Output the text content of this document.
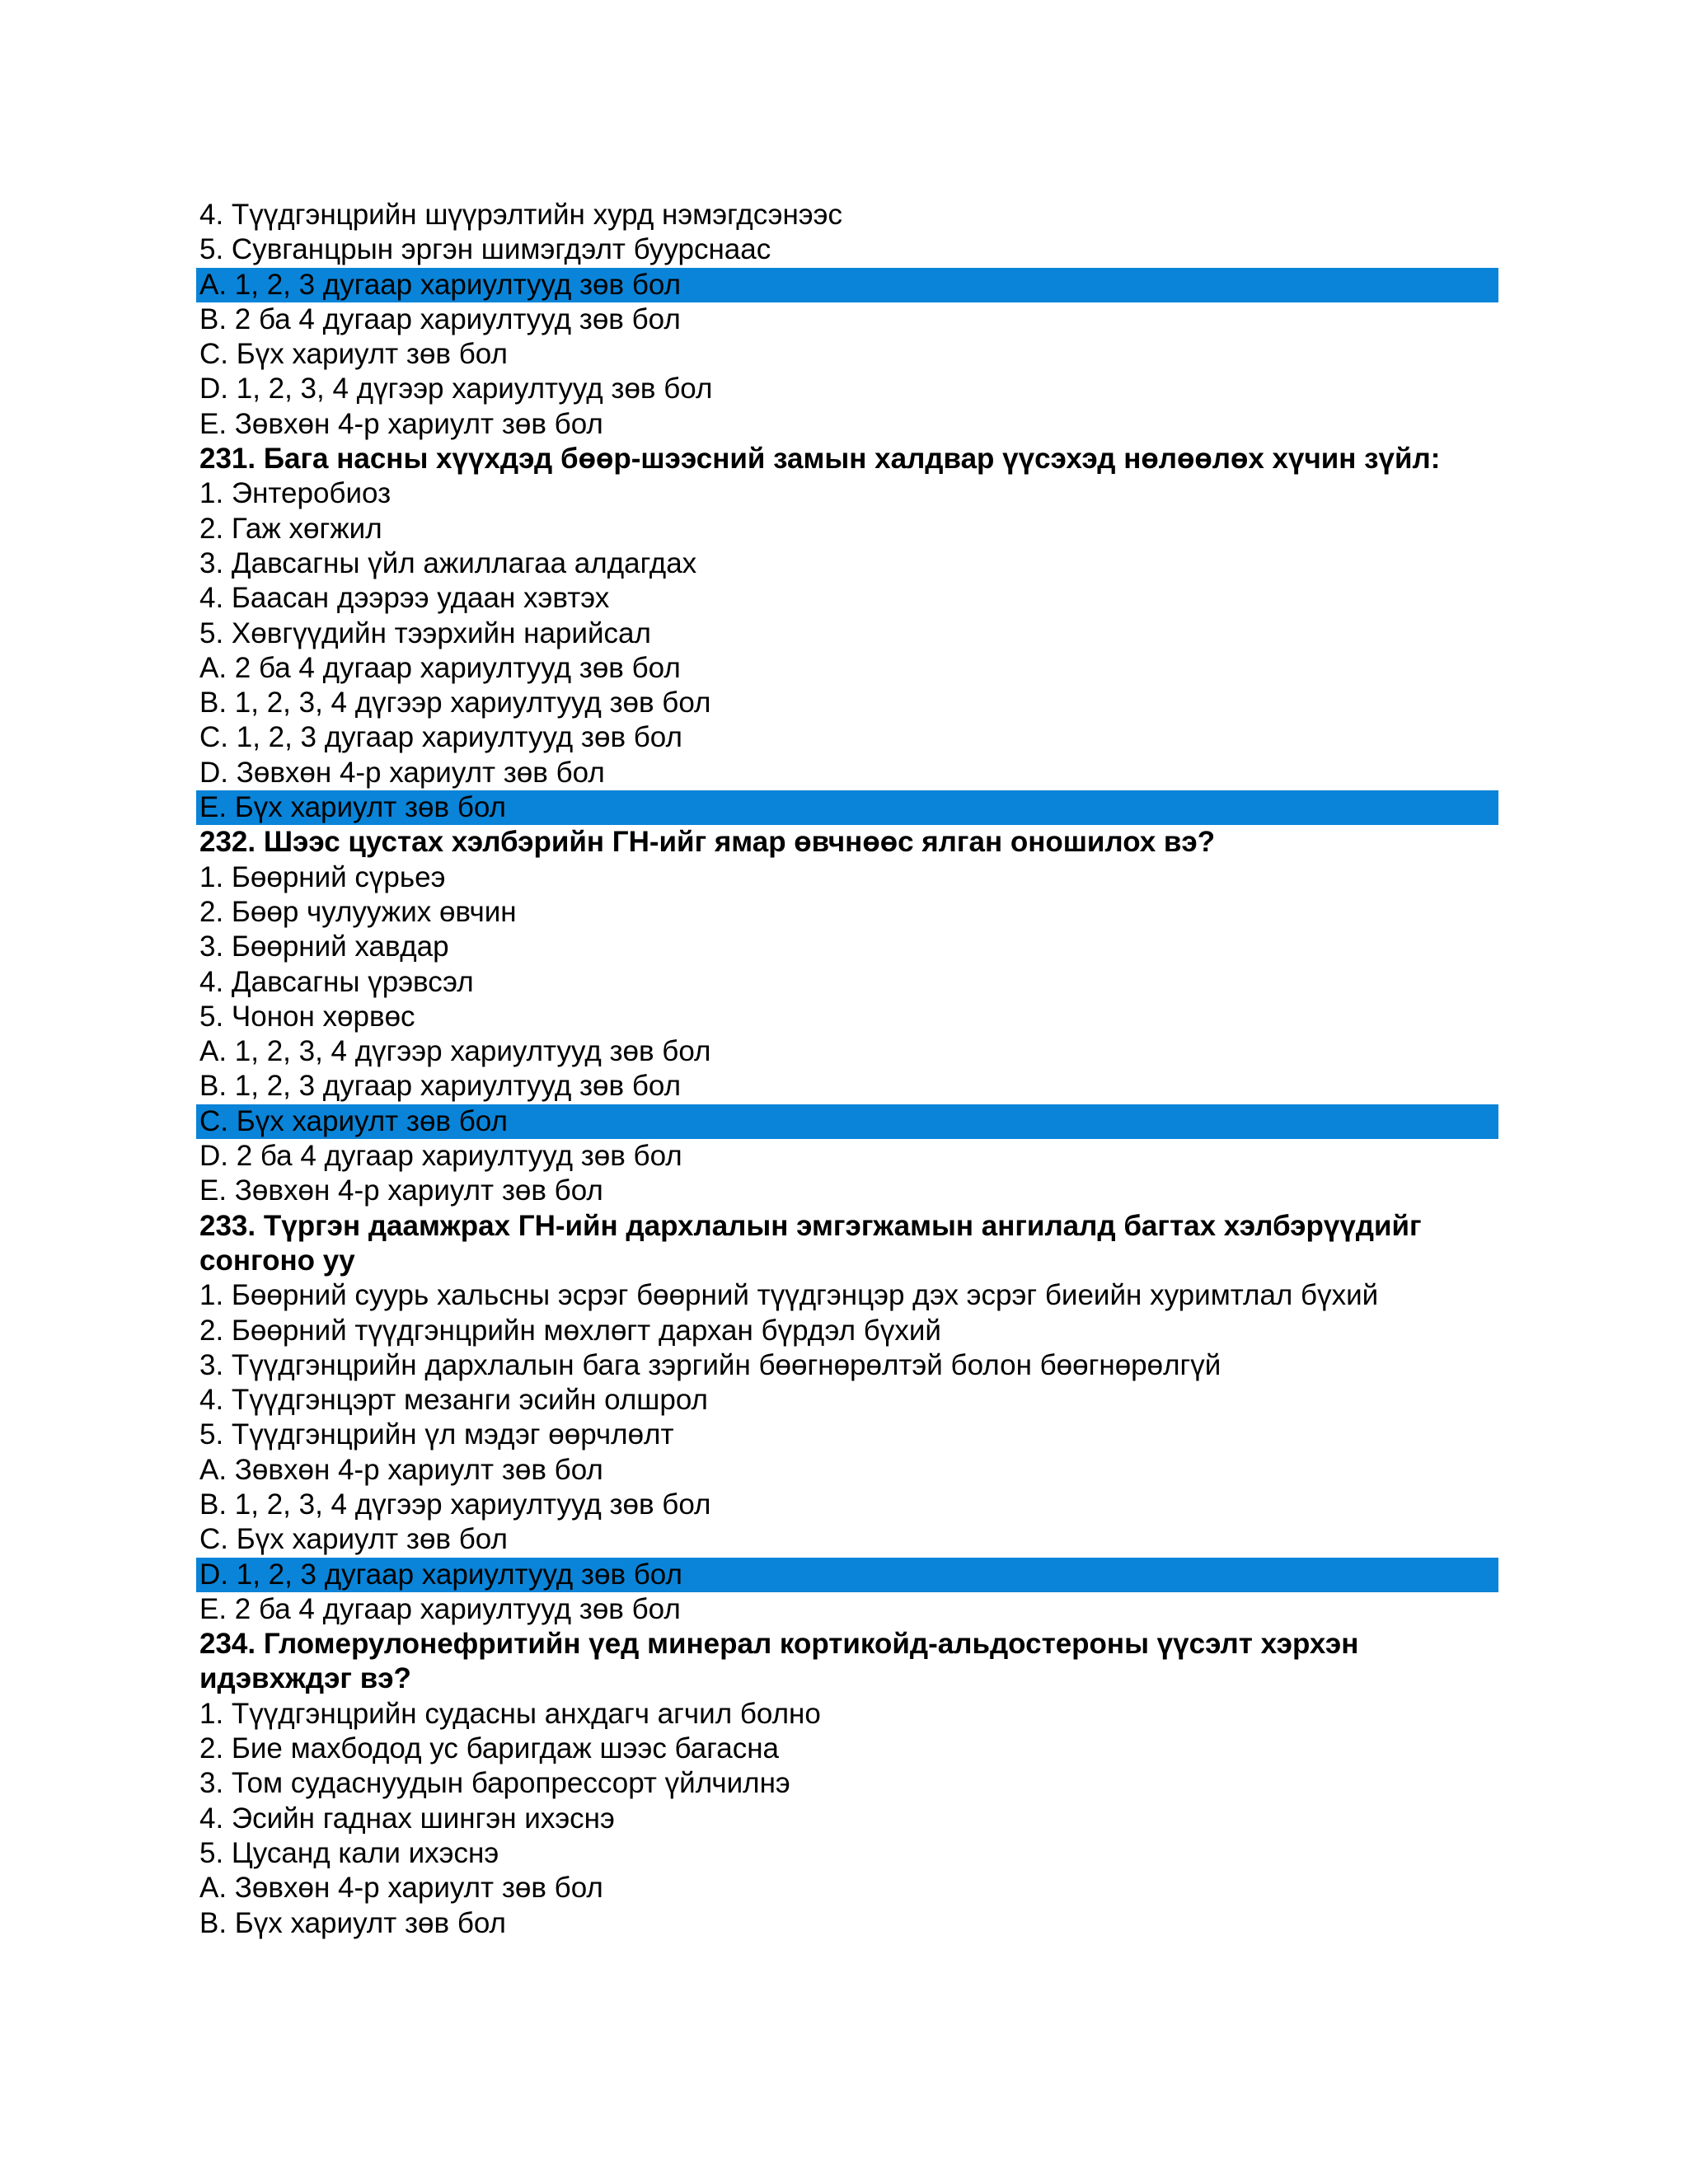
4. Түүдгэнцрийн шүүрэлтийн хурд нэмэгдсэнээс
5. Сувганцрын эргэн шимэгдэлт буурснаас
A. 1, 2, 3 дугаар хариултууд зөв бол
B. 2 ба 4 дугаар хариултууд зөв бол
C. Бүх хариулт зөв бол
D. 1, 2, 3, 4 дүгээр хариултууд зөв бол
E. Зөвхөн 4-р хариулт зөв бол
231. Бага насны хүүхдэд бөөр-шээсний замын халдвар үүсэхэд нөлөөлөх хүчин зүйл:
1. Энтеробиоз
2. Гаж хөгжил
3. Давсагны үйл ажиллагаа алдагдах
4. Баасан дээрээ удаан хэвтэх
5. Хөвгүүдийн тээрхийн нарийсал
A. 2 ба 4 дугаар хариултууд зөв бол
B. 1, 2, 3, 4 дүгээр хариултууд зөв бол
C. 1, 2, 3 дугаар хариултууд зөв бол
D. Зөвхөн 4-р хариулт зөв бол
E. Бүх хариулт зөв бол
232. Шээс цустах хэлбэрийн ГН-ийг ямар өвчнөөс ялган оношилох вэ?
1. Бөөрний сүрьеэ
2. Бөөр чулуужих өвчин
3. Бөөрний хавдар
4. Давсагны үрэвсэл
5. Чонон хөрвөс
A. 1, 2, 3, 4 дүгээр хариултууд зөв бол
B. 1, 2, 3 дугаар хариултууд зөв бол
C. Бүх хариулт зөв бол
D. 2 ба 4 дугаар хариултууд зөв бол
E. Зөвхөн 4-р хариулт зөв бол
233. Түргэн даамжрах ГН-ийн дархлалын эмгэгжамын ангилалд багтах хэлбэрүүдийг сонгоно уу
1. Бөөрний суурь хальсны эсрэг бөөрний түүдгэнцэр дэх эсрэг биеийн хуримтлал бүхий
2. Бөөрний түүдгэнцрийн мөхлөгт дархан бүрдэл бүхий
3. Түүдгэнцрийн дархлалын бага зэргийн бөөгнөрөлтэй болон бөөгнөрөлгүй
4. Түүдгэнцэрт мезанги эсийн олшрол
5. Түүдгэнцрийн үл мэдэг өөрчлөлт
A. Зөвхөн 4-р хариулт зөв бол
B. 1, 2, 3, 4 дүгээр хариултууд зөв бол
C. Бүх хариулт зөв бол
D. 1, 2, 3 дугаар хариултууд зөв бол
E. 2 ба 4 дугаар хариултууд зөв бол
234. Гломерулонефритийн үед минерал кортикойд-альдостероны үүсэлт хэрхэн идэвхждэг вэ?
1. Түүдгэнцрийн судасны анхдагч агчил болно
2. Бие махбодод ус баригдаж шээс багасна
3. Том судаснуудын баропрессорт үйлчилнэ
4. Эсийн гаднах шингэн ихэснэ
5. Цусанд кали ихэснэ
A. Зөвхөн 4-р хариулт зөв бол
B. Бүх хариулт зөв бол
